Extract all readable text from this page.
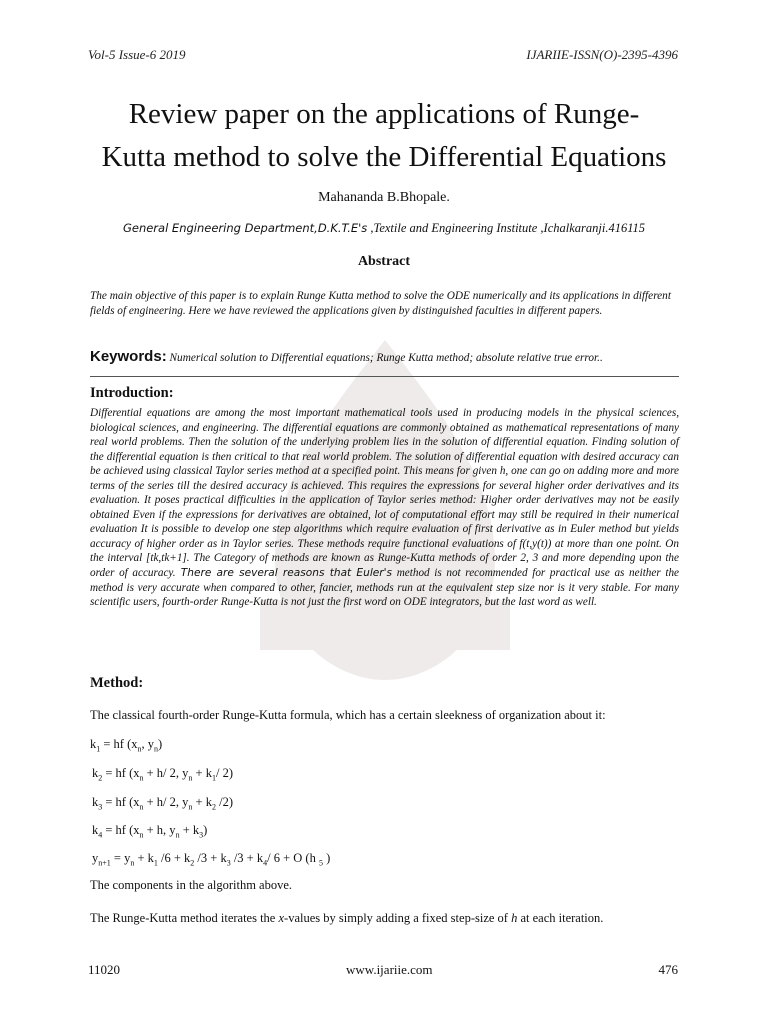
Vol-5 Issue-6 2019	IJARIIE-ISSN(O)-2395-4396
Review paper on the applications of Runge-
Kutta method to solve the Differential Equations
Mahananda B.Bhopale.
General Engineering Department,D.K.T.E's ,Textile and Engineering Institute ,Ichalkaranji.416115
Abstract
The main objective of this paper is to explain Runge Kutta method to solve the ODE numerically and its applications in different fields of engineering. Here we have reviewed the applications given by distinguished faculties in different papers.
Keywords: Numerical solution to Differential equations; Runge Kutta method; absolute relative true error..
Introduction:
Differential equations are among the most important mathematical tools used in producing models in the physical sciences, biological sciences, and engineering. The differential equations are commonly obtained as mathematical representations of many real world problems. Then the solution of the underlying problem lies in the solution of differential equation. Finding solution of the differential equation is then critical to that real world problem. The solution of differential equation with desired accuracy can be achieved using classical Taylor series method at a specified point. This means for given h, one can go on adding more and more terms of the series till the desired accuracy is achieved. This requires the expressions for several higher order derivatives and its evaluation. It poses practical difficulties in the application of Taylor series method: Higher order derivatives may not be easily obtained Even if the expressions for derivatives are obtained, lot of computational effort may still be required in their numerical evaluation It is possible to develop one step algorithms which require evaluation of first derivative as in Euler method but yields accuracy of higher order as in Taylor series. These methods require functional evaluations of f(t,y(t)) at more than one point. On the interval [tk,tk+1]. The Category of methods are known as Runge-Kutta methods of order 2, 3 and more depending upon the order of accuracy. There are several reasons that Euler's method is not recommended for practical use as neither the method is very accurate when compared to other, fancier, methods run at the equivalent step size nor is it very stable. For many scientific users, fourth-order Runge-Kutta is not just the first word on ODE integrators, but the last word as well.
Method:
The classical fourth-order Runge-Kutta formula, which has a certain sleekness of organization about it:
$k_1$ = hf ($x_n$, $y_n$)
$k_2$ = hf ($x_n + h/$ 2, $y_n + k_1/$ 2)
$k_3$ = hf ($x_n + h/$ 2, $y_n + k_2$ /2)
$k_4$ = hf ($x_n + h$, $y_n + k_3$)
$y_{n+1} = y_n + k_1$ $/6 + k_2$ $/3 + k_3$ $/3 + k_4/$ 6 + O (h $_5$ )
The components in the algorithm above.
The Runge-Kutta method iterates the x-values by simply adding a fixed step-size of h at each iteration.
11020	www.ijariie.com	476
